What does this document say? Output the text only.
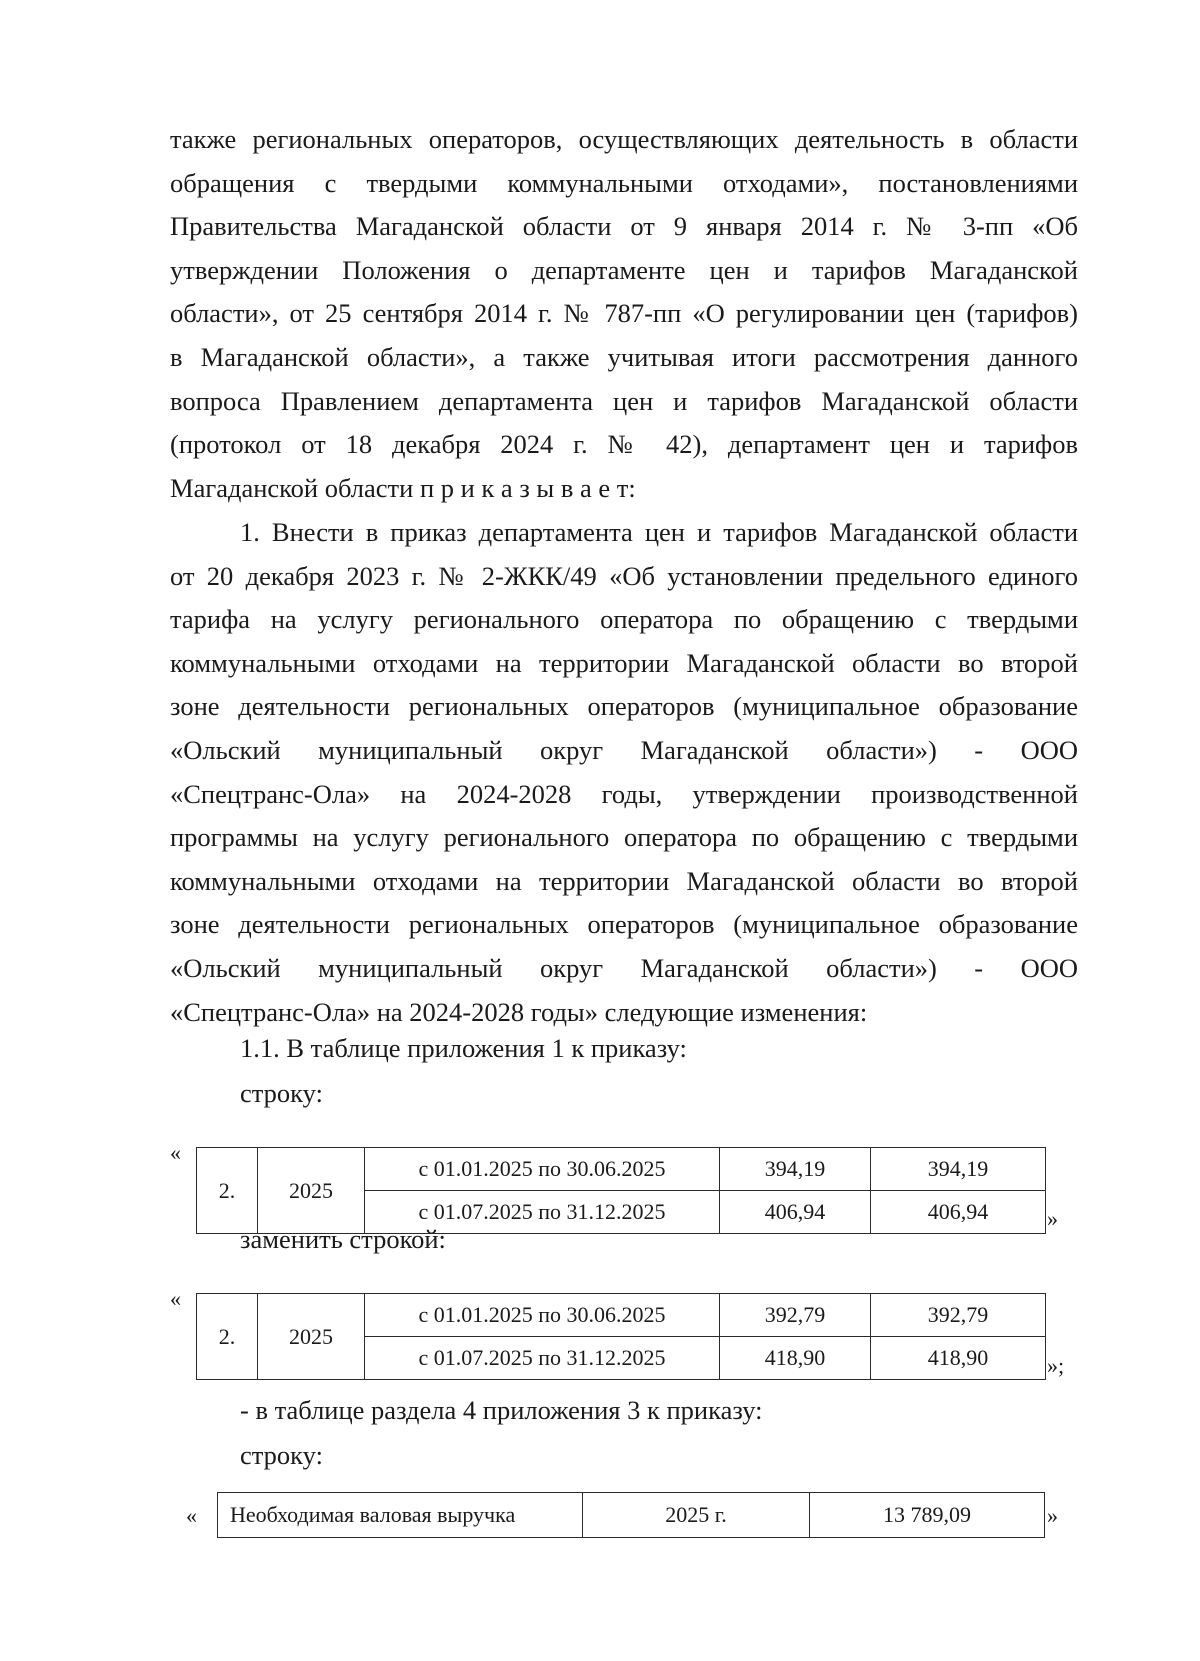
также региональных операторов, осуществляющих деятельность в области
обращения с твердыми коммунальными отходами», постановлениями
Правительства Магаданской области от 9 января 2014 г. № 3-пп «Об
утверждении Положения о департаменте цен и тарифов Магаданской
области», от 25 сентября 2014 г. № 787-пп «О регулировании цен (тарифов)
в Магаданской области», а также учитывая итоги рассмотрения данного
вопроса Правлением департамента цен и тарифов Магаданской области
(протокол от 18 декабря 2024 г. № 42), департамент цен и тарифов
Магаданской области п р и к а з ы в а е т:
1. Внести в приказ департамента цен и тарифов Магаданской области
от 20 декабря 2023 г. № 2-ЖКК/49 «Об установлении предельного единого
тарифа на услугу регионального оператора по обращению с твердыми
коммунальными отходами на территории Магаданской области во второй
зоне деятельности региональных операторов (муниципальное образование
«Ольский муниципальный округ Магаданской области») - ООО
«Спецтранс-Ола» на 2024-2028 годы, утверждении производственной
программы на услугу регионального оператора по обращению с твердыми
коммунальными отходами на территории Магаданской области во второй
зоне деятельности региональных операторов (муниципальное образование
«Ольский муниципальный округ Магаданской области») - ООО
«Спецтранс-Ола» на 2024-2028 годы» следующие изменения:
1.1. В таблице приложения 1 к приказу:
строку:
«
2.	2025	с 01.01.2025 по 30.06.2025	394,19	394,19
		с 01.07.2025 по 31.12.2025	406,94	406,94	»
заменить строкой:
«
2.	2025	с 01.01.2025 по 30.06.2025	392,79	392,79
		с 01.07.2025 по 31.12.2025	418,90	418,90	»;
- в таблице раздела 4 приложения 3 к приказу:
строку:
« Необходимая валовая выручка	2025 г.	13 789,09	»
